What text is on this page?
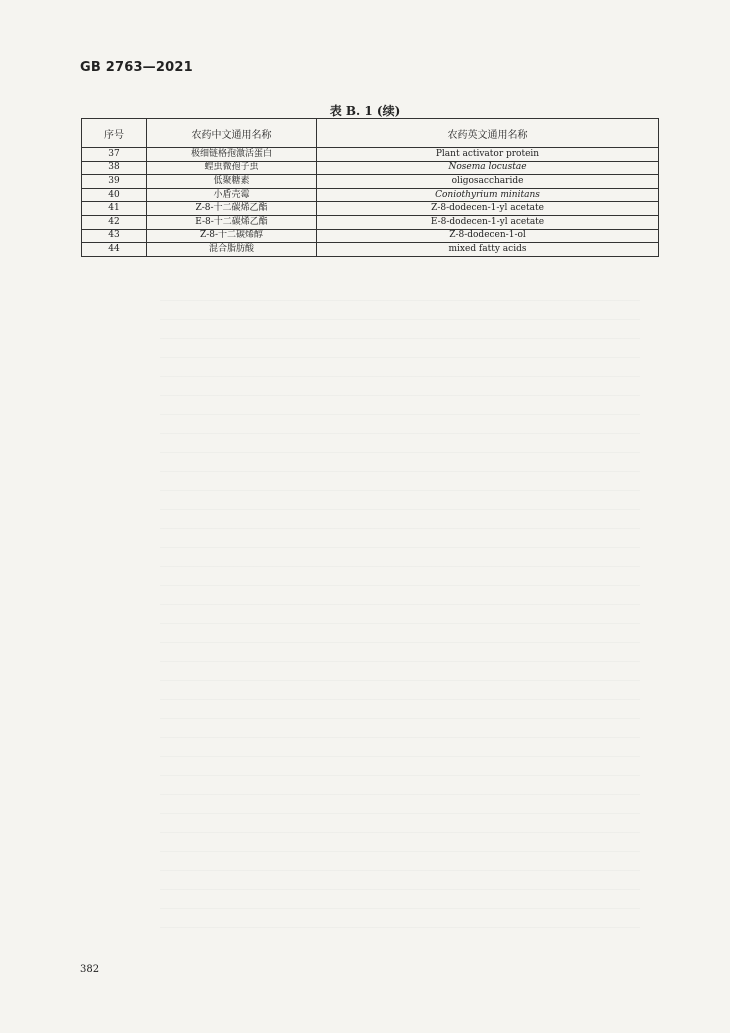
GB 2763—2021
表 B. 1 (续)
序号	农药中文通用名称	农药英文通用名称
37	极细链格孢激活蛋白	Plant activator protein
38	蝗虫微孢子虫	Nosema locustae
39	低聚糖素	oligosaccharide
40	小盾壳霉	Coniothyrium minitans
41	Z-8-十二碳烯乙酯	Z-8-dodecen-1-yl acetate
42	E-8-十二碳烯乙酯	E-8-dodecen-1-yl acetate
43	Z-8-十二碳烯醇	Z-8-dodecen-1-ol
44	混合脂肪酸	mixed fatty acids
382
